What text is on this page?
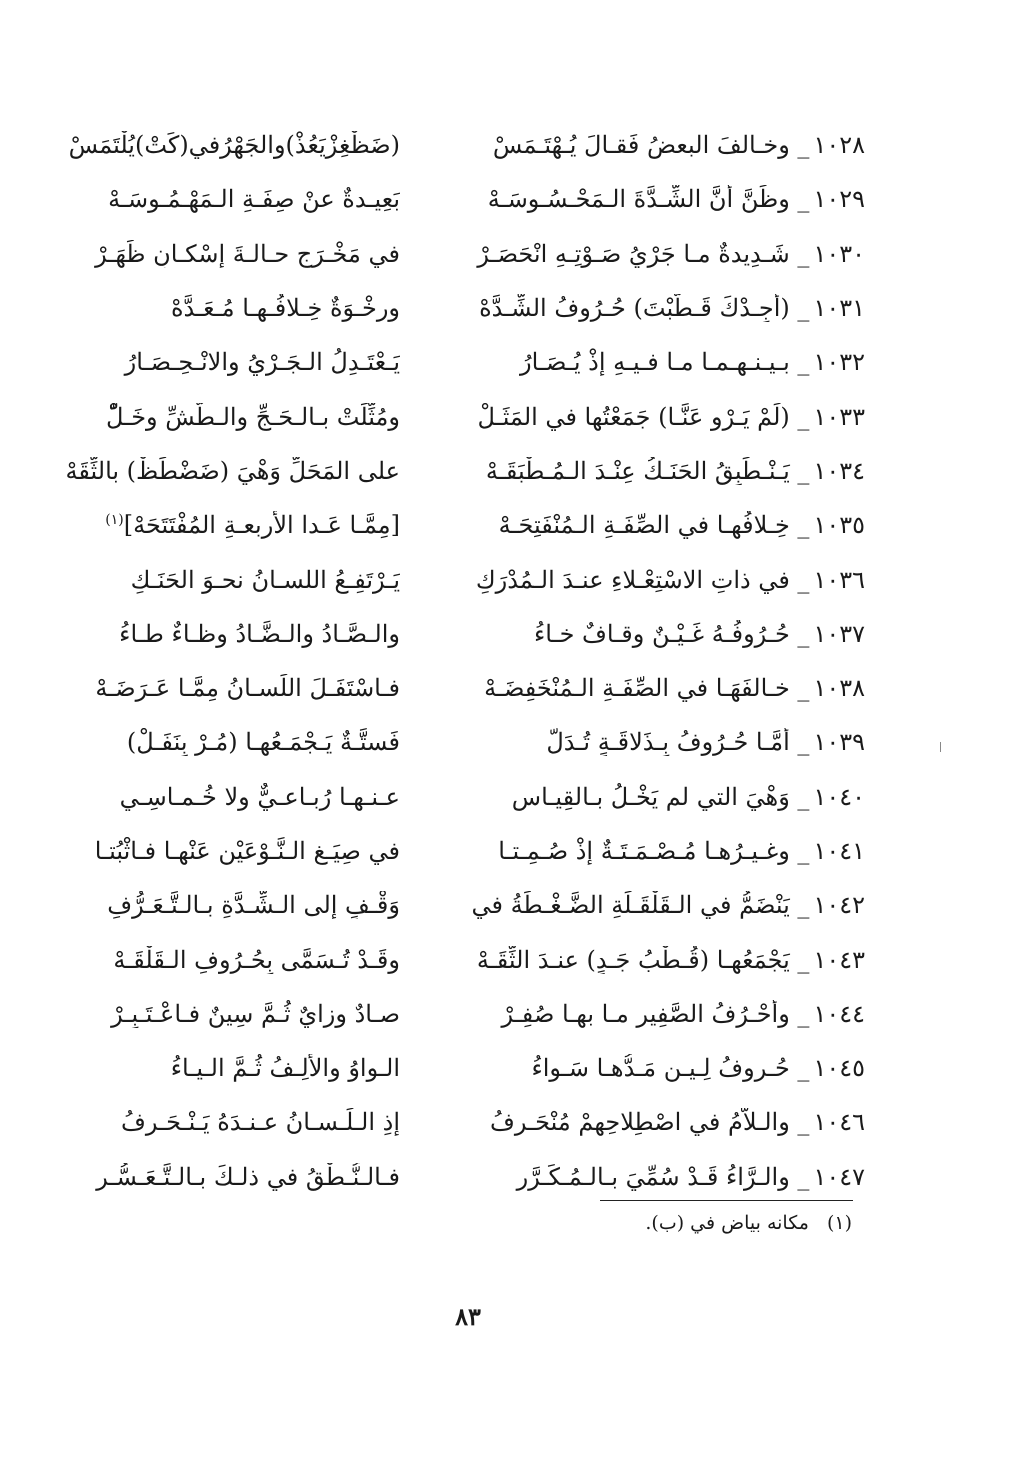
١٠٢٨_ وخـالفَ البعضُ فَقـالَ يُـهْتَـمَسْ
(ضَظْغِزْيَعُذْ)والجَهْرُفي(كَتْ)يُلْتَمَسْ
١٠٢٩_ وظَنَّ أنَّ الشِّـدَّةَ الـمَحْـسُـوسَـهْ
بَعِيـدةٌ عنْ صِفَـةِ الـمَهْـمُـوسَـهْ
١٠٣٠_ شَـدِيدةٌ مـا جَرْيُ صَـوْتِـهِ انْحَصَـرْ
في مَخْـرَجٍ حـالـةَ إسْكـانٍ ظَهَـرْ
١٠٣١_ (أَجِـدْكَ قَـطَّبْتَ) حُـرُوفُ الشِّـدَّهْ
ورِخْـوَةٌ خِـلافُـهـا مُـعَـدَّهْ
١٠٣٢_ بـيـنـهـمـا مـا فـيـهِ إذْ يُـصَـارُ
يَـعْتَـدِلُ الـجَـرْيُ والانْـحِـصَـارُ
١٠٣٣_ (لَمْ يَـرْوِ عَنَّـا) جَمَعْتُها في المَثَـلْ
ومُثِّلَتْ بـالـحَـجِّ والـطَّشِّ وخَـلّْ
١٠٣٤_ يَـنْـطَبِقُ الحَنَـكُ عِنْـدَ الـمُـطْبَقَـهْ
على المَحَلِّ وَهْيَ (ضَضْطَظْ) بالثِّقَهْ
١٠٣٥_ خِـلافُهـا في الصِّفَـةِ الـمُنْفَتِحَـهْ
[مِمَّـا عَـدا الأربعـةِ المُفْتَتَحَهْ]$^{(١)}$
١٠٣٦_ في ذاتِ الاسْتِعْـلاءِ عنـدَ الـمُدْرَكِ
يَـرْتَفِـعُ اللسـانُ نحـوَ الحَنَـكِ
١٠٣٧_ حُـرُوفُـهُ غَـيْـنٌ وقـافٌ خـاءُ
والـصَّـادُ والـضَّـادُ وظـاءٌ طـاءُ
١٠٣٨_ خـالفَهَـا في الصِّفَـةِ الـمُنْخَفِضَـهْ
فـاسْتَفَـلَ اللِّسـانُ مِمَّـا عَـرَضَـهْ
١٠٣٩_ أَمَّـا حُـرُوفُ بِـذَلاقَـةٍ تُـدَلُّ
فَستَّـةٌ يَـجْمَـعُهـا (مُـرْ بِنَفَـلْ)
١٠٤٠_ وَهْيَ التي لم يَخْـلُ بـالقِيـاسِ
عـنـهـا رُبـاعـيٌّ ولا خُـمـاسِـي
١٠٤١_ وغـيـرُهـا مُـصْـمَـتَـةٌ إذْ صُـمِـتـا
في صِيَـغِ الـنَّـوْعَيْنِ عَنْهـا فـاثْبُتـا
١٠٤٢_ يَنْضَمُّ في الـقَلْقَـلَةِ الضَّـغْـطَةُ في
وَقْـفٍ إلى الـشِّـدَّةِ بـالـتَّـعَـرُّفِ
١٠٤٣_ يَجْمَعُهـا (قُـطْبُ جَـدٍ) عنـدَ الثِّقَـهْ
وقَـدْ تُـسَمَّى بِحُـرُوفِ الـقَلْقَـهْ
١٠٤٤_ وأَحْـرُفُ الصَّفِيرِ مـا بهـا صُفِـرْ
صـادٌ وزايٌ ثُـمَّ سِينٌ فـاعْـتَـبِـرْ
١٠٤٥_ حُـروفُ لِـيـنٍ مَـدُّهـا سَـواءُ
الـواوُ والألِـفُ ثُـمَّ الـيـاءُ
١٠٤٦_ والـلاَّمُ في اصْطِلاحِهِمْ مُنْحَـرِفُ
إذِ الـلِّـسـانُ عـنـدَهُ يَـنْـحَـرِفُ
١٠٤٧_ والـرَّاءُ قَـدْ سُمِّيَ بـالـمُـكَـرَّرِ
فـالـنُّـطْقُ في ذلـكَ بـالـتَّـعَـسُّـرِ
(١) مكانه بياض في (ب).
٨٣
